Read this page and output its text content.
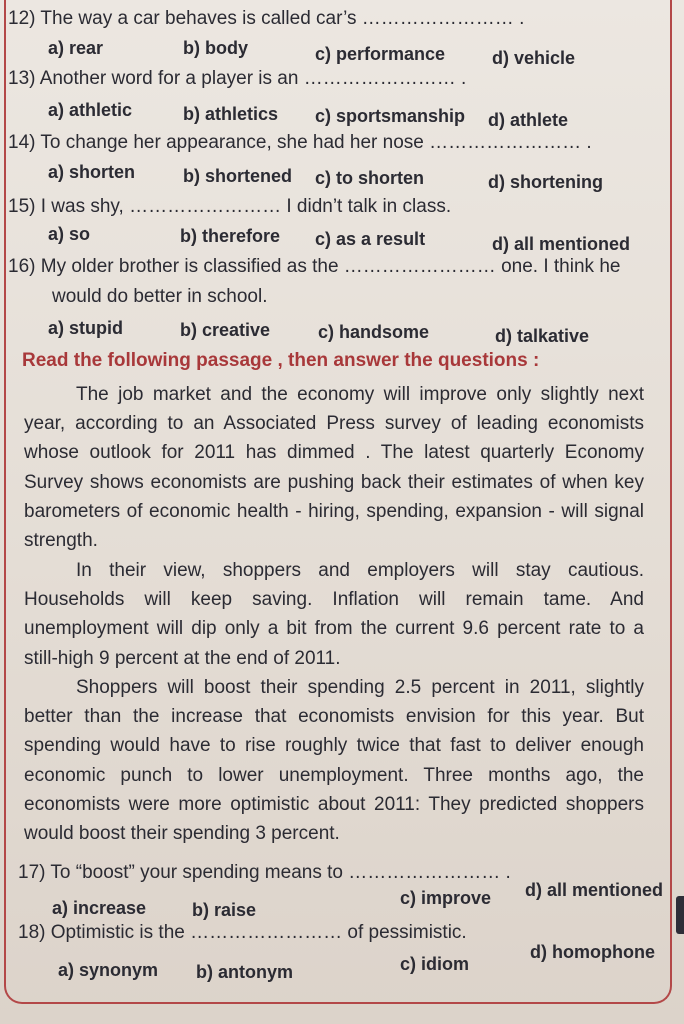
12) The way a car behaves is called car’s …………………… .
a) rear	b) body	c) performance	d) vehicle
13) Another word for a player is an …………………… .
a) athletic	b) athletics c) sportsmanship d) athlete
14) To change her appearance, she had her nose …………………… .
a) shorten	b) shortened c) to shorten	d) shortening
15) I was shy, …………………… I didn’t talk in class.
a) so	b) therefore c) as a result	d) all mentioned
16) My older brother is classified as the …………………… one. I think he
would do better in school.
a) stupid	b) creative	c) handsome	d) talkative
Read the following passage , then answer the questions :
The job market and the economy will improve only slightly next year, according to an Associated Press survey of leading economists whose outlook for 2011 has dimmed . The latest quarterly Economy Survey shows economists are pushing back their estimates of when key barometers of economic health - hiring, spending, expansion - will signal strength.
In their view, shoppers and employers will stay cautious. Households will keep saving. Inflation will remain tame. And unemployment will dip only a bit from the current 9.6 percent rate to a still-high 9 percent at the end of 2011.
Shoppers will boost their spending 2.5 percent in 2011, slightly better than the increase that economists envision for this year. But spending would have to rise roughly twice that fast to deliver enough economic punch to lower unemployment. Three months ago, the economists were more optimistic about 2011: They predicted shoppers would boost their spending 3 percent.
17) To “boost” your spending means to …………………… .
a) increase	b) raise
c) improve d) all mentioned
18) Optimistic is the …………………… of pessimistic.
a) synonym b) antonym	c) idiom
d) homophone
